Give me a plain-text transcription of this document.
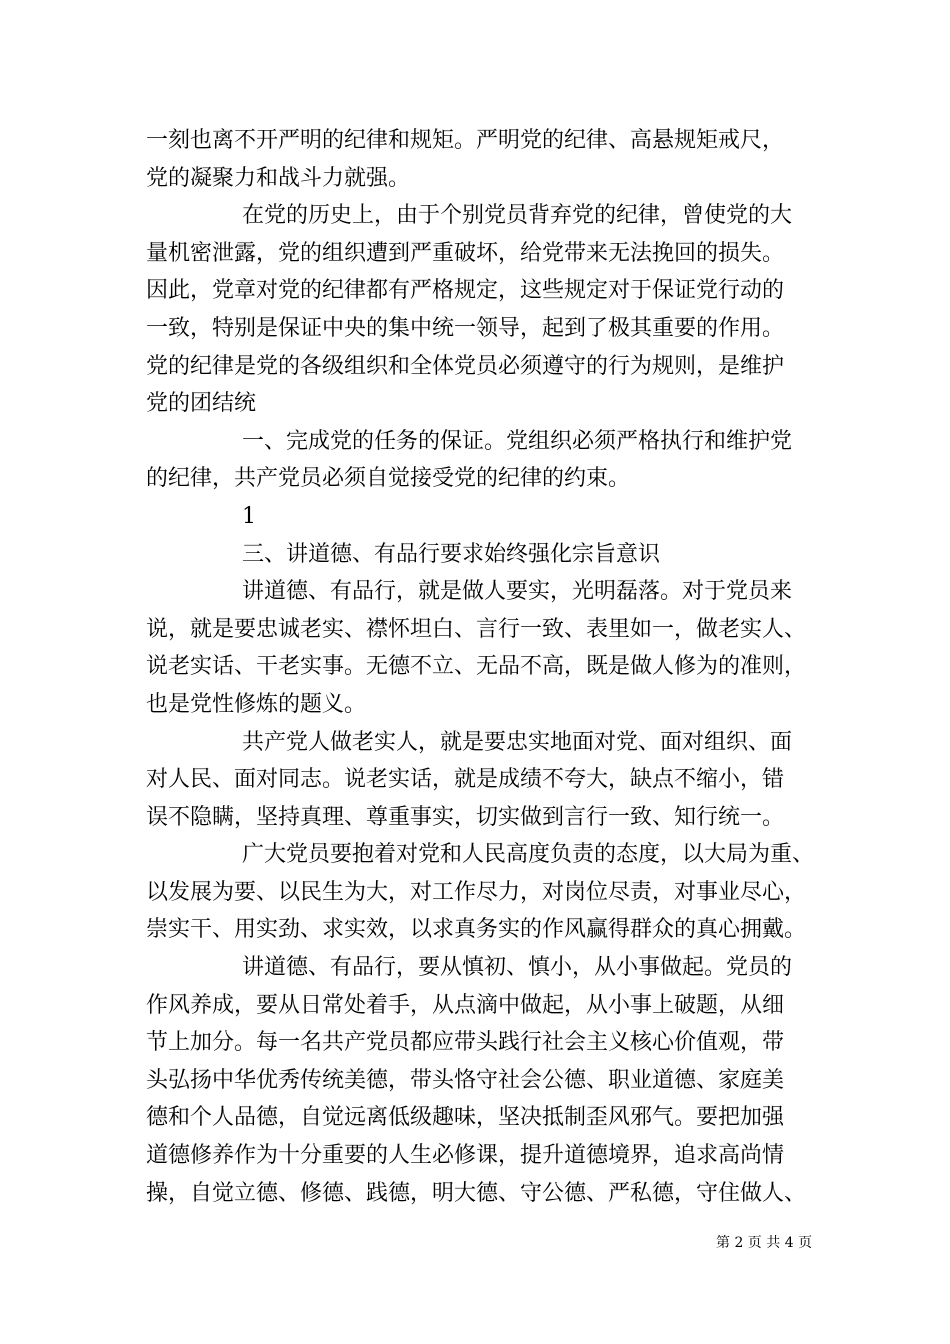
一刻也离不开严明的纪律和规矩。严明党的纪律、高悬规矩戒尺，
党的凝聚力和战斗力就强。
在党的历史上，由于个别党员背弃党的纪律，曾使党的大
量机密泄露，党的组织遭到严重破坏，给党带来无法挽回的损失。
因此，党章对党的纪律都有严格规定，这些规定对于保证党行动的
一致，特别是保证中央的集中统一领导，起到了极其重要的作用。
党的纪律是党的各级组织和全体党员必须遵守的行为规则，是维护
党的团结统
一、完成党的任务的保证。党组织必须严格执行和维护党
的纪律，共产党员必须自觉接受党的纪律的约束。
1
三、讲道德、有品行要求始终强化宗旨意识
讲道德、有品行，就是做人要实，光明磊落。对于党员来
说，就是要忠诚老实、襟怀坦白、言行一致、表里如一，做老实人、
说老实话、干老实事。无德不立、无品不高，既是做人修为的准则，
也是党性修炼的题义。
共产党人做老实人，就是要忠实地面对党、面对组织、面
对人民、面对同志。说老实话，就是成绩不夸大，缺点不缩小，错
误不隐瞒，坚持真理、尊重事实，切实做到言行一致、知行统一。
广大党员要抱着对党和人民高度负责的态度，以大局为重、
以发展为要、以民生为大，对工作尽力，对岗位尽责，对事业尽心，
崇实干、用实劲、求实效，以求真务实的作风赢得群众的真心拥戴。
讲道德、有品行，要从慎初、慎小，从小事做起。党员的
作风养成，要从日常处着手，从点滴中做起，从小事上破题，从细
节上加分。每一名共产党员都应带头践行社会主义核心价值观，带
头弘扬中华优秀传统美德，带头恪守社会公德、职业道德、家庭美
德和个人品德，自觉远离低级趣味，坚决抵制歪风邪气。要把加强
道德修养作为十分重要的人生必修课，提升道德境界，追求高尚情
操，自觉立德、修德、践德，明大德、守公德、严私德，守住做人、
第 2 页 共 4 页
